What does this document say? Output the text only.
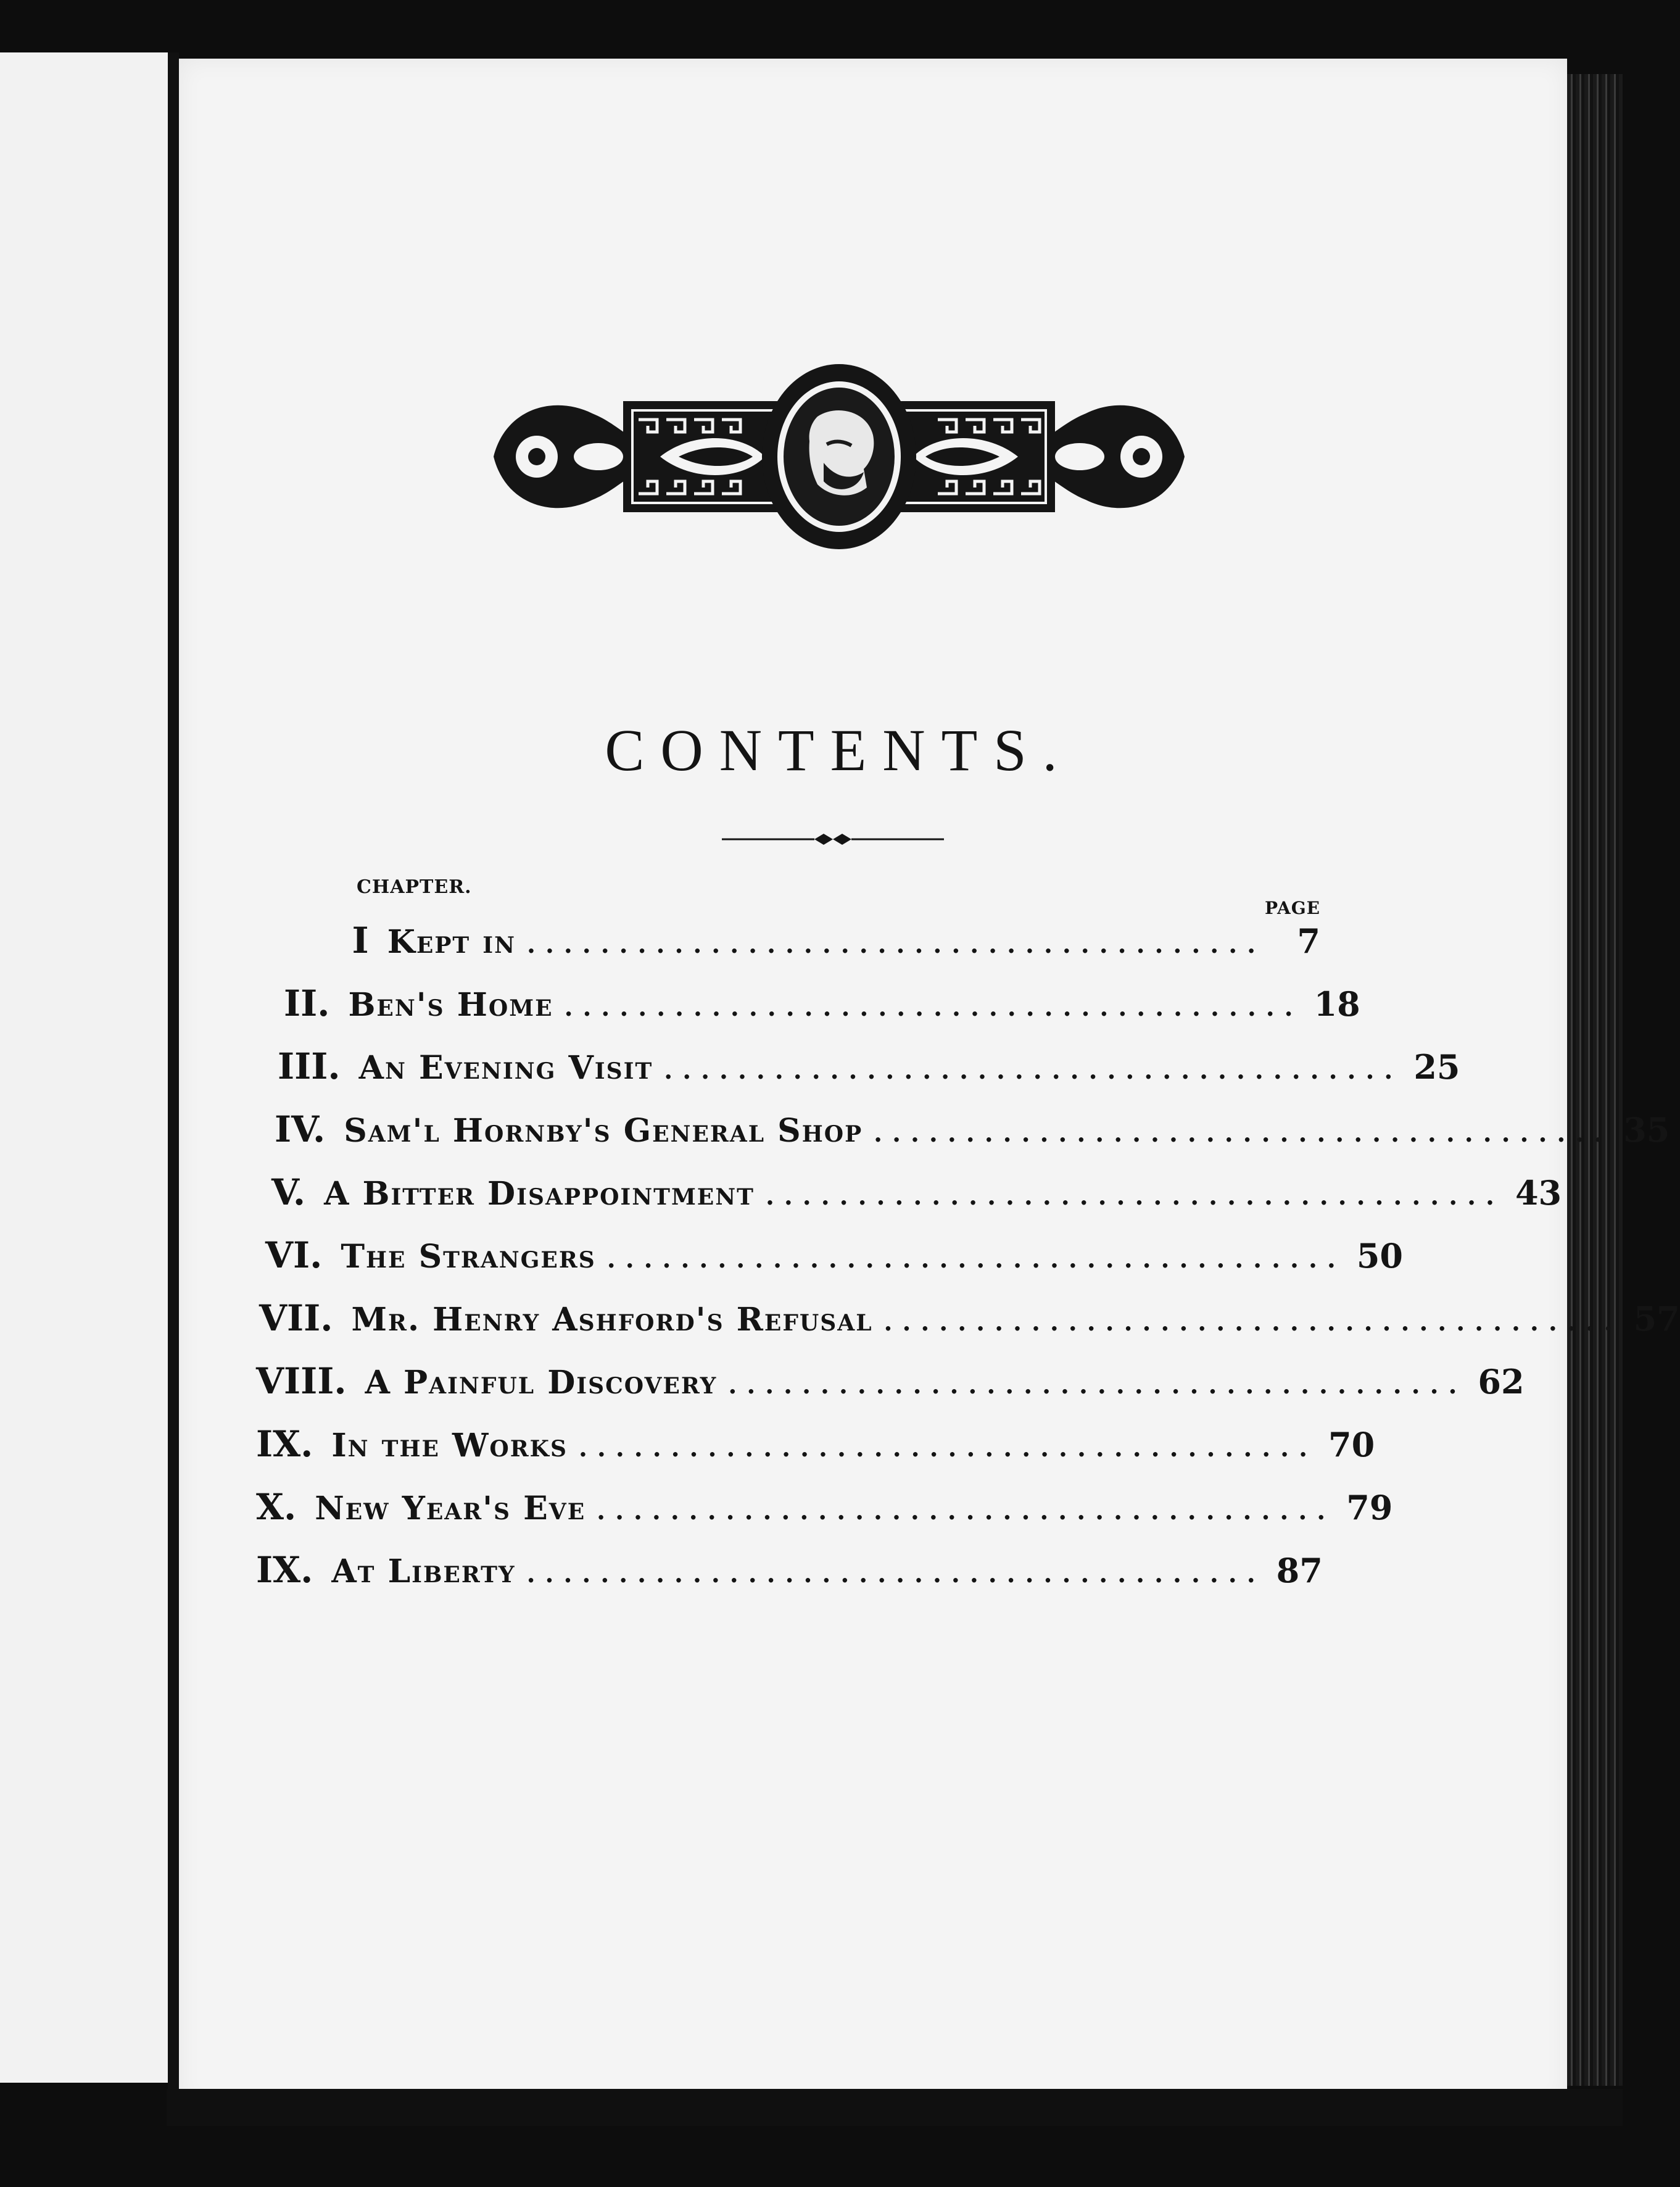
CONTENTS.
CHAPTER.
PAGE
I Kept in ........................................ 7
II. Ben's Home ........................................ 18
III. An Evening Visit ........................................ 25
IV. Sam'l Hornby's General Shop ........................................ 35
V. A Bitter Disappointment ........................................ 43
VI. The Strangers ........................................ 50
VII. Mr. Henry Ashford's Refusal ........................................ 57
VIII. A Painful Discovery ........................................ 62
IX. In the Works ........................................ 70
X. New Year's Eve ........................................ 79
IX. At Liberty ........................................ 87
